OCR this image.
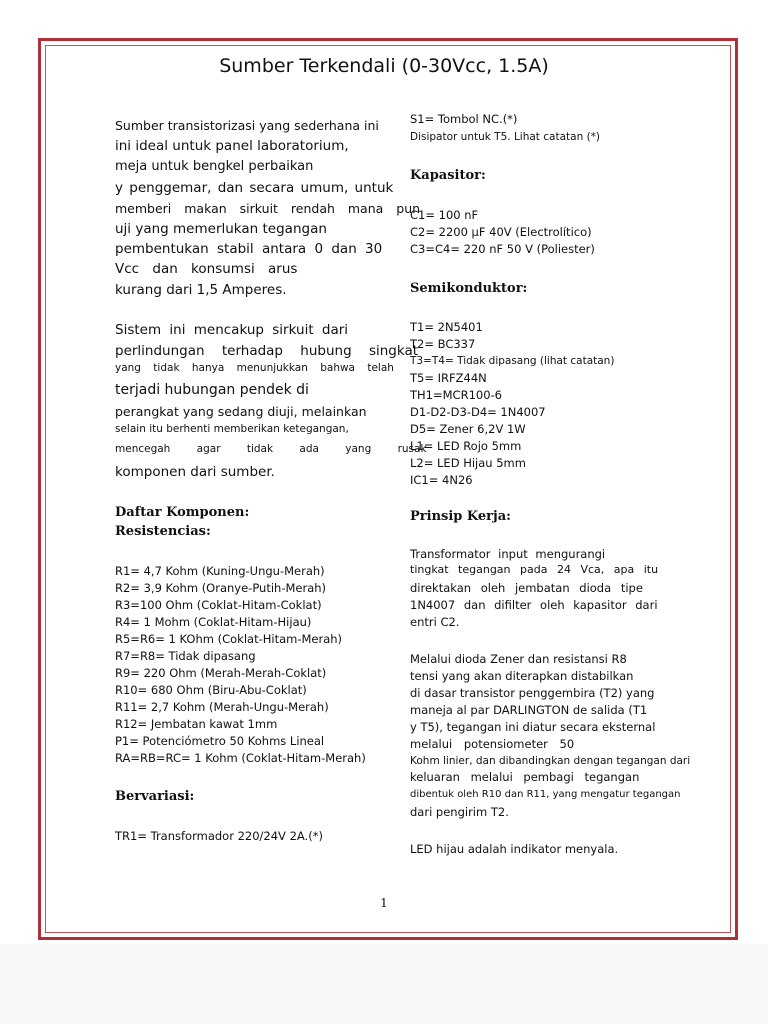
Sumber Terkendali (0-30Vcc, 1.5A)
Sumber transistorizasi yang sederhana ini
ini ideal untuk panel laboratorium,
meja untuk bengkel perbaikan
y penggemar, dan secara umum, untuk
memberi makan sirkuit rendah mana pun
uji yang memerlukan tegangan
pembentukan stabil antara 0 dan 30
Vcc dan konsumsi arus
kurang dari 1,5 Amperes.
Sistem ini mencakup sirkuit dari
perlindungan terhadap hubung singkat
yang tidak hanya menunjukkan bahwa telah
terjadi hubungan pendek di
perangkat yang sedang diuji, melainkan
selain itu berhenti memberikan ketegangan,
mencegah agar tidak ada yang rusak
komponen dari sumber.
Daftar Komponen:
Resistencias:
R1= 4,7 Kohm (Kuning-Ungu-Merah)
R2= 3,9 Kohm (Oranye-Putih-Merah)
R3=100 Ohm (Coklat-Hitam-Coklat)
R4= 1 Mohm (Coklat-Hitam-Hijau)
R5=R6= 1 KOhm (Coklat-Hitam-Merah)
R7=R8= Tidak dipasang
R9= 220 Ohm (Merah-Merah-Coklat)
R10= 680 Ohm (Biru-Abu-Coklat)
R11= 2,7 Kohm (Merah-Ungu-Merah)
R12= Jembatan kawat 1mm
P1= Potenciómetro 50 Kohms Lineal
RA=RB=RC= 1 Kohm (Coklat-Hitam-Merah)
Bervariasi:
TR1= Transformador 220/24V 2A.(*)
S1= Tombol NC.(*)
Disipator untuk T5. Lihat catatan (*)
Kapasitor:
C1= 100 nF
C2= 2200 µF 40V (Electrolítico)
C3=C4= 220 nF 50 V (Poliester)
Semikonduktor:
T1= 2N5401
T2= BC337
T3=T4= Tidak dipasang (lihat catatan)
T5= IRFZ44N
TH1=MCR100-6
D1-D2-D3-D4= 1N4007
D5= Zener 6,2V 1W
L1= LED Rojo 5mm
L2= LED Hijau 5mm
IC1= 4N26
Prinsip Kerja:
Transformator input mengurangi
tingkat tegangan pada 24 Vca, apa itu
direktakan oleh jembatan dioda tipe
1N4007 dan difilter oleh kapasitor dari
entri C2.
Melalui dioda Zener dan resistansi R8
tensi yang akan diterapkan distabilkan
di dasar transistor penggembira (T2) yang
maneja al par DARLINGTON de salida (T1
y T5), tegangan ini diatur secara eksternal
melalui potensiometer 50
Kohm linier, dan dibandingkan dengan tegangan dari
keluaran melalui pembagi tegangan
dibentuk oleh R10 dan R11, yang mengatur tegangan
dari pengirim T2.
LED hijau adalah indikator menyala.
1
